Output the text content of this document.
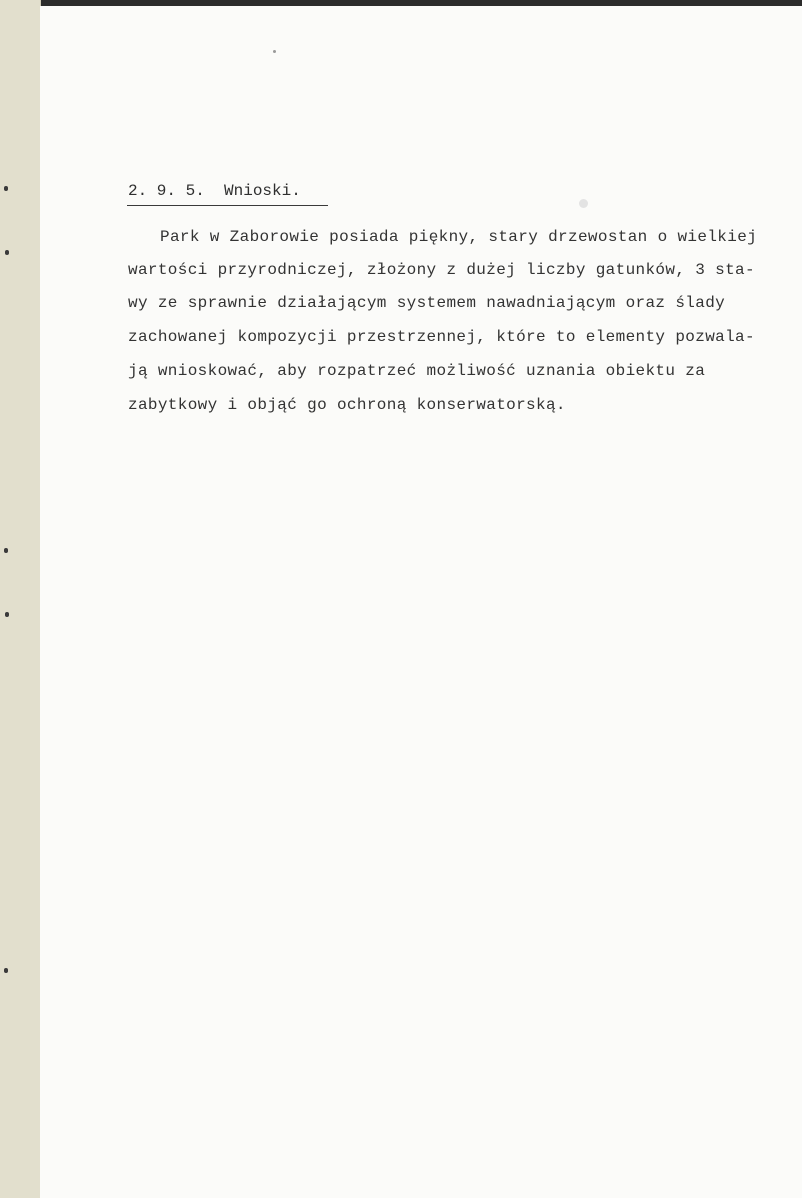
2. 9. 5.  Wnioski.
Park w Zaborowie posiada piękny, stary drzewostan o wielkiej
wartości przyrodniczej, złożony z dużej liczby gatunków, 3 sta-
wy ze sprawnie działającym systemem nawadniającym oraz ślady
zachowanej kompozycji przestrzennej, które to elementy pozwala-
ją wnioskować, aby rozpatrzeć możliwość uznania obiektu za
zabytkowy i objąć go ochroną konserwatorską.
